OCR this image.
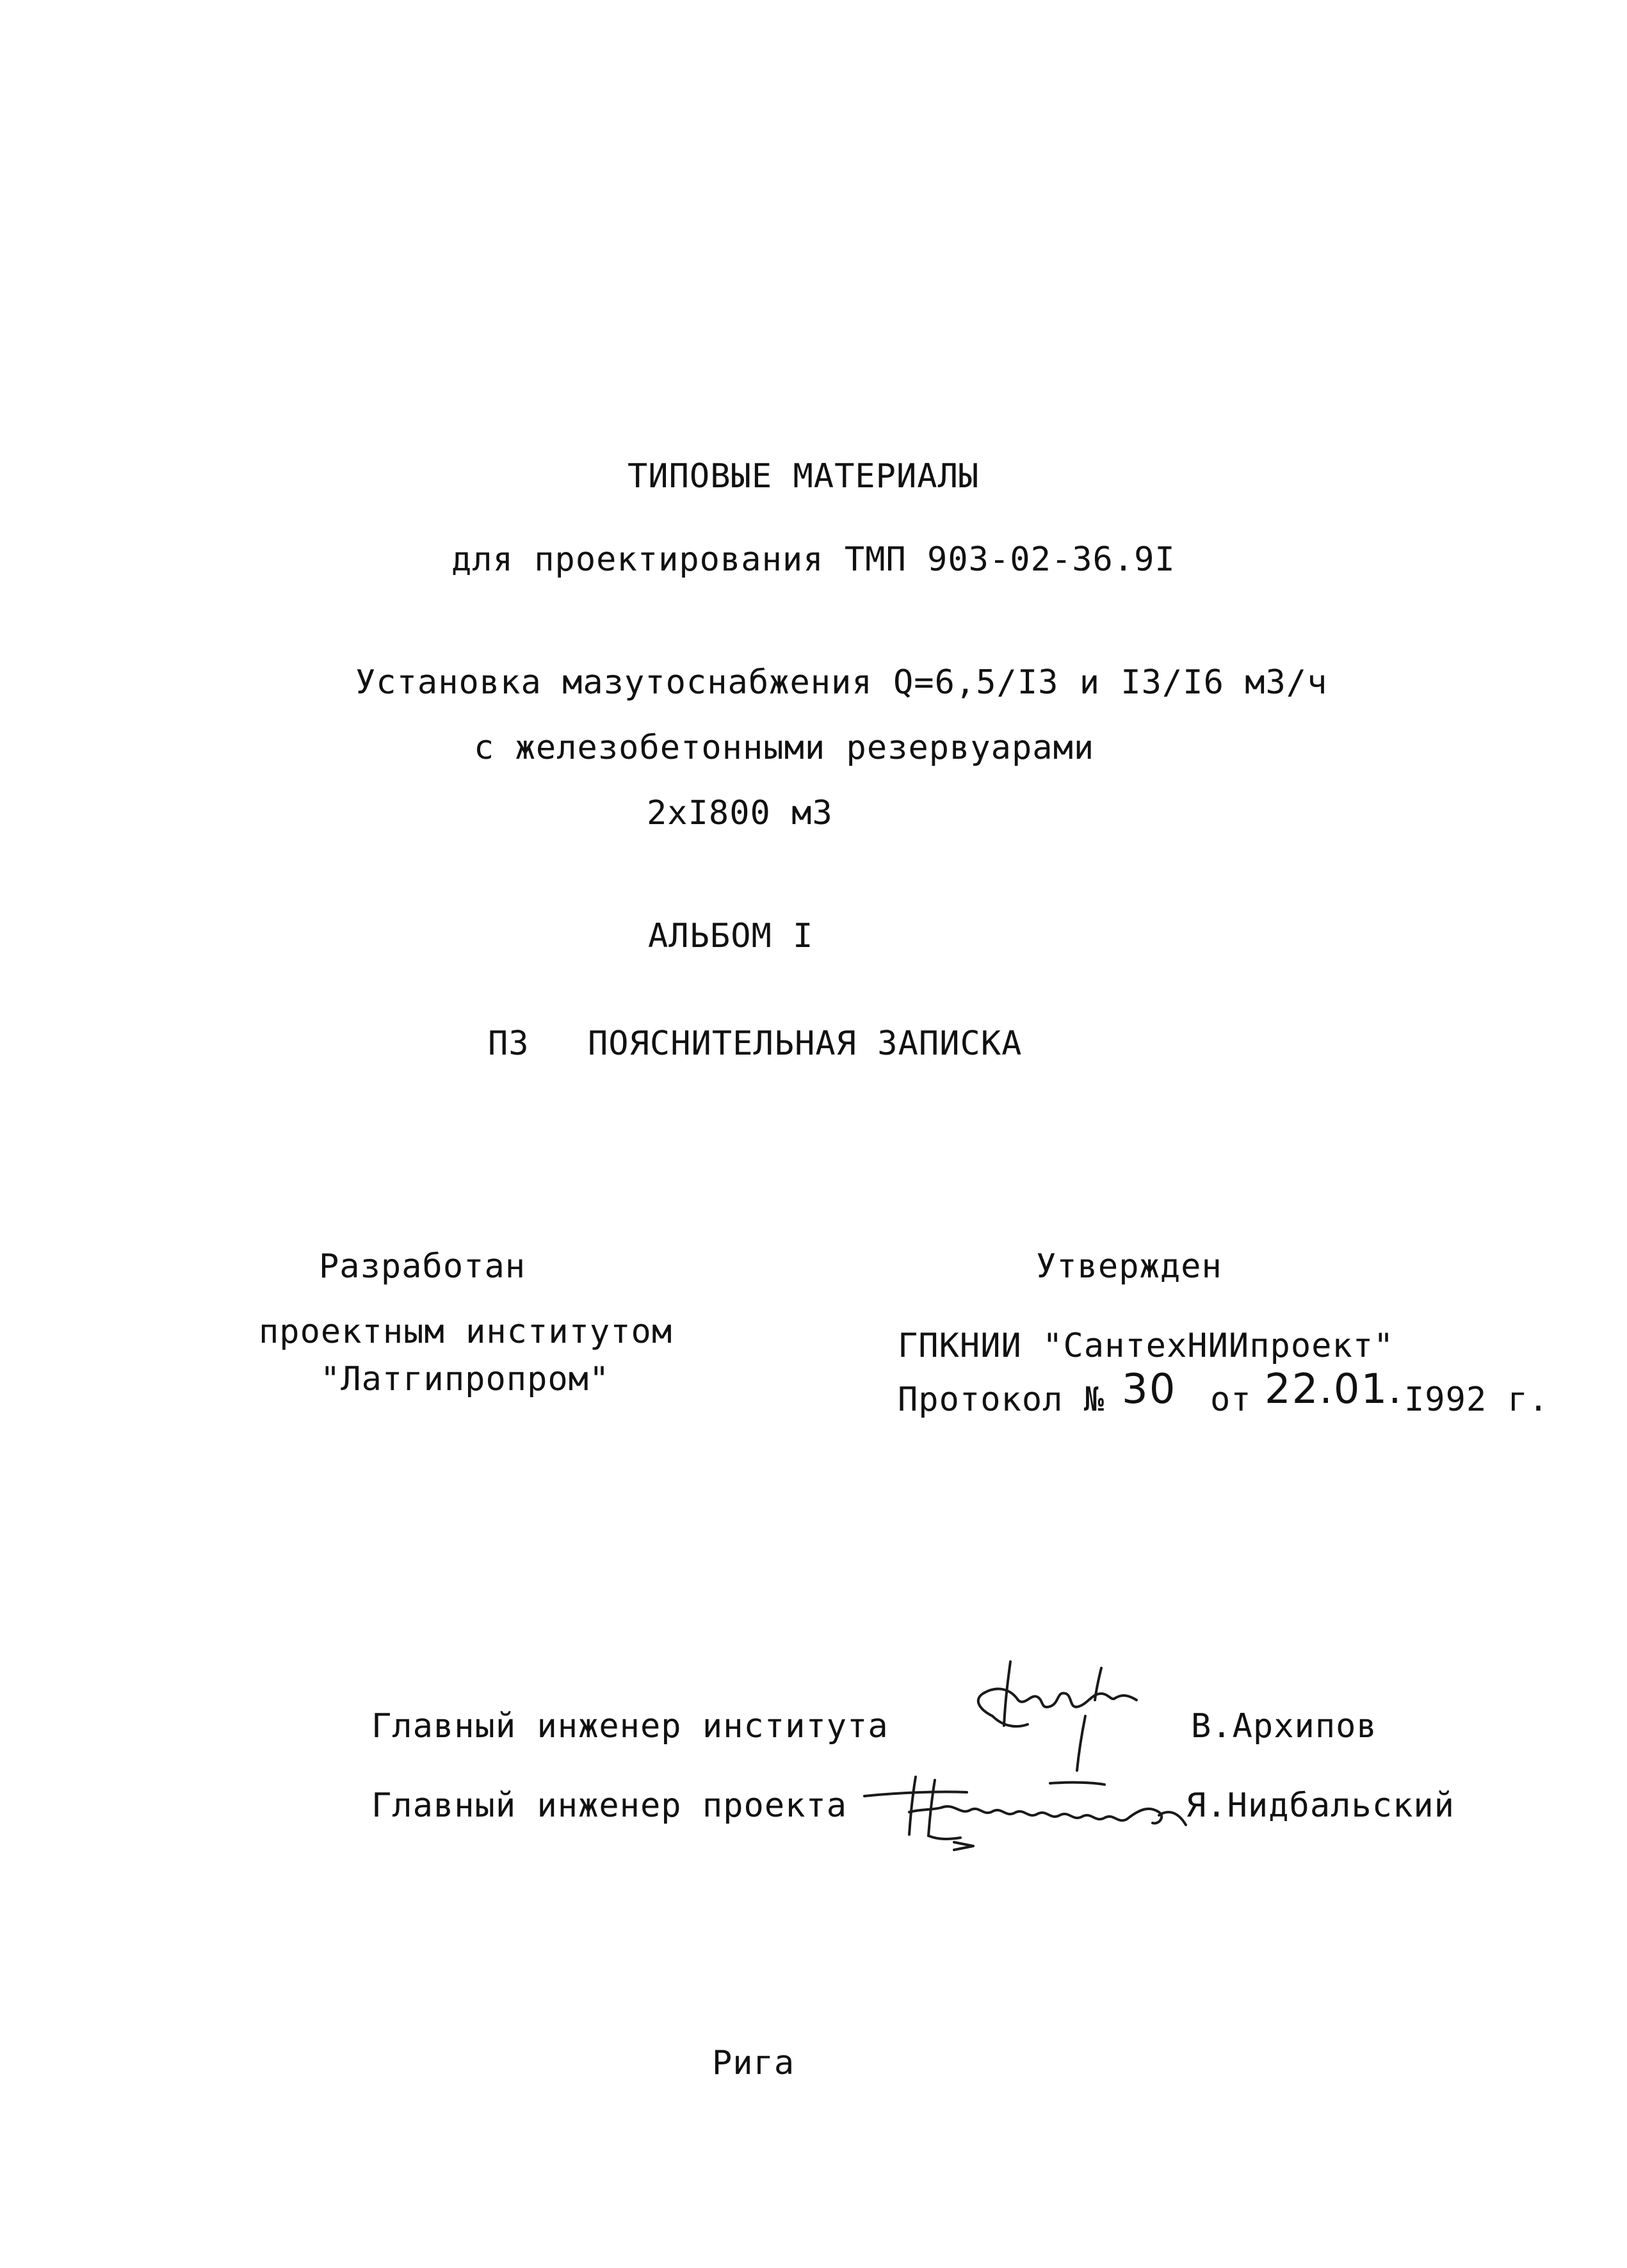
ТИПОВЫЕ МАТЕРИАЛЫ
для проектирования ТМП 903-02-36.9I
Установка мазутоснабжения Q=6,5/I3 и I3/I6 м3/ч
с железобетонными резервуарами
2хI800 м3
АЛЬБОМ I
ПЗ ПОЯСНИТЕЛЬНАЯ ЗАПИСКА
Разработан
проектным институтом
"Латгипропром"
Утвержден
ГПКНИИ "СантехНИИпроект"
Протокол № 30 от 22.01. I992 г.
Главный инженер института	В.Архипов
Главный инженер проекта	Я.Нидбальский
Рига
